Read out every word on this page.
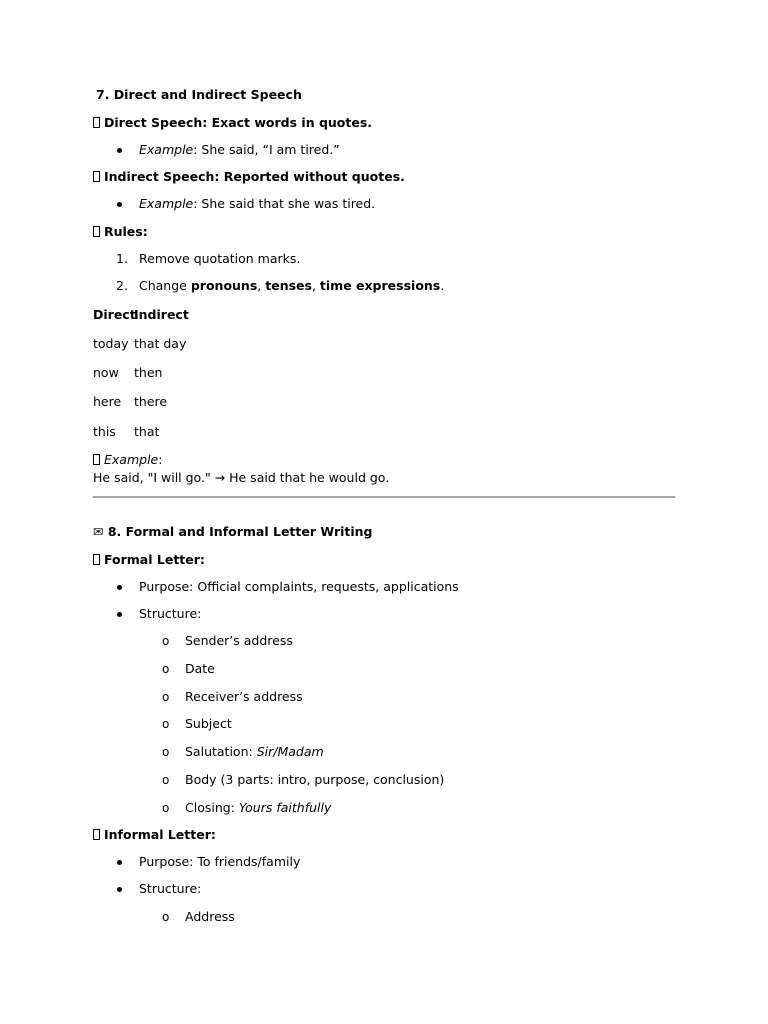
7. Direct and Indirect Speech
Direct Speech: Exact words in quotes.
Example: She said, “I am tired.”
Indirect Speech: Reported without quotes.
Example: She said that she was tired.
Rules:
1. Remove quotation marks.
2. Change pronouns, tenses, time expressions.
Direct
Indirect
today that day
now then
here there
this that
Example:
He said, "I will go." → He said that he would go.
✉ 8. Formal and Informal Letter Writing
Formal Letter:
Purpose: Official complaints, requests, applications
Structure:
o Sender’s address
o Date
o Receiver’s address
o Subject
o Salutation: Sir/Madam
o Body (3 parts: intro, purpose, conclusion)
o Closing: Yours faithfully
Informal Letter:
Purpose: To friends/family
Structure:
o Address
